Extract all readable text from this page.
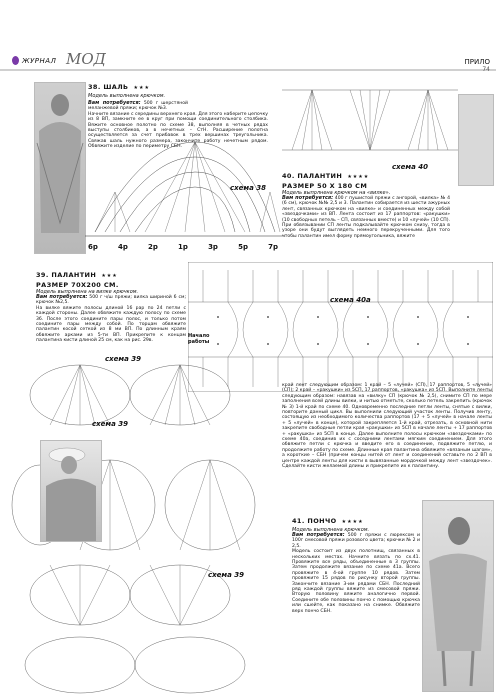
ЖУРНАЛ МОД	ПРИЛО
74
38. ШАЛЬ ★★★
Модель выполнена крючком.
Вам потребуется: 500 г шерстяной меланжевой пряжи; крючок №3.
Начните вязание с середины верхнего края. Для этого наберите цепочку из 8 ВП, замкните ее в круг при помощи соединительного столбика. Вяжите основное полотно по схеме 38, выполняя в четных рядах выступы столбиков, а в нечетных – СтН. Расширение полотна осуществляется за счет прибавок в трех вершинах треугольника. Свяжав шаль нужного размера, закончите работу нечетным рядом. Обвяжите изделие по периметру СБН.
схема 38
6р	4р	2р	1р	3р	5р	7р
40. ПАЛАНТИН ★★★★
РАЗМЕР 50 X 180 СМ
Модель выполнена крючком на «вилке».
Вам потребуется: 400 г пушистой пряжи с ангорой, «вилка» № 4 (6 см), крючок №№ 2,5 и 3. Палантин собирается из шести ажурных лент, связанных крючком на «вилке» и соединенных между собой «звездочками» из ВП. Лента состоит из 17 раппортов: «ракушки» (10 свободных петель – СП, связанных вместе) и 10 «лучей» (10 СП). При обвязывании СП ленты подкалывайте крючком снизу, тогда в узоре они будут выглядеть немного перекрученными. Для того чтобы палантин имел форму прямоугольника, вяжите
схема 40
39. ПАЛАНТИН ★★★
РАЗМЕР 70X200 СМ.
Модель выполнена на вилке крючком.
Вам потребуется: 500 г ч/ш пряжи; вилка шириной 6 см; крючок №2,5.
На вилке вяжите полосы длиной 16 рар по 24 петли с каждой стороны. Далее обвяжите каждую полосу по схеме 36. После этого соедините пары полос, и только потом соедините пары между собой. По торцам обвяжите палантин косой сеткой из 8 ми ВП. По длинным краям обвяжите арками из 5-ти ВП. Прикрепите к концам палантина кисти длиной 25 см, как на рис. 29в.
схема 40а
Начало работы
схема 39
схема 39
схема 39
край лент следующим образом: 1 край – 5 «лучей» (СП), 17 раппортов, 5 «лучей» (СП); 2 край – «ракушки» из 5СП, 17 раппортов, «ракушка» из 5СП. Выполните ленты следующим образом: навязав на «вилку» СП (крючок № 2,5), снимите СП по мере заполнения всей длины вилки, и нитью отметьте, сколько петель закрепить (крючок № 3) 1-й край по схеме 40. Одновременно последние петли ленты, снятые с вилки, повторите данный цикл. Вы выполнили следующий участок ленты. Получив ленту, состоящую из необходимого количества раппортов (17 + 5 «лучей» в начале ленты + 5 «лучей» в конце), которой закрепляется 1-й край, отрезать, в основной нити закрепите свободные петли края «ракушки» из 5СП в начале ленты + 17 раппортов + «ракушка» из 5СП в конце. Далее выполните полосы крючком «звездочками» по схеме 40а, соединив их с соседними лентами мягким соединением. Для этого обвяжите петли с крючка и введите его в соединение, подвяжите петлю, и продолжите работу по схеме. Длинные края палантина обвяжите «вязаным шагом», а короткие – СБН (причем концы нитей от лент и соединений оставьте по 2 ВП в центре каждой ленты для кисти в вывязанные мордочкой между лент «звездочек». Сделайте кисти желаемой длины и прикрепите их к палантину.
41. ПОНЧО ★★★★
Модель выполнена крючком.
Вам потребуется: 500 г пряжи с люрексом и 100г смесовой пряжи розового цвета; крючки № 2 и 2,5.
Модель состоит из двух полотнищ, связанных в нескольких местах. Начните вязать по сх.41. Провяжите все ряды, объединенные в 3 группы. Затем продолжите вязание по схеме 41а. Всего провяжите в 4-ой группе 10 рядов. Затем провяжите 15 рядов по рисунку второй группы. Закончите вязание 3-им рядами СБН. Последний ряд каждой группы вяжите из смесовой пряжи. Вторую половину вяжите аналогично первой. Соедините обе половины пончо с помощью крючка или сшейте, как показано на снимке. Обвяжите верх пончо СБН.
